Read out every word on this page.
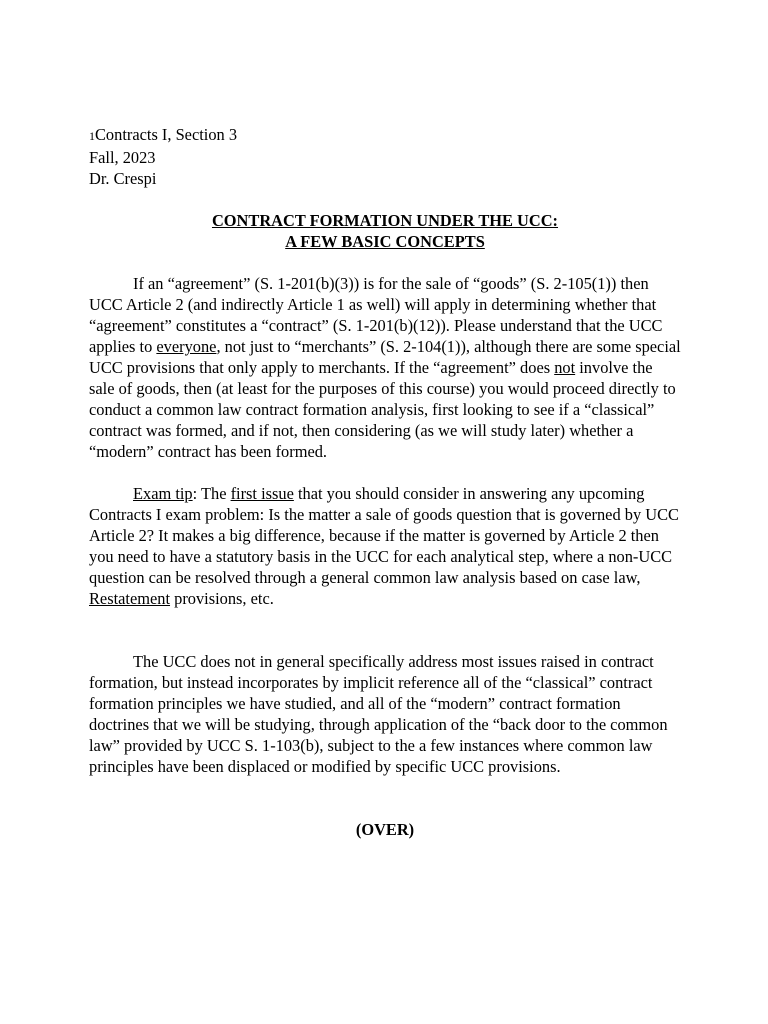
1Contracts I, Section 3
Fall, 2023
Dr. Crespi
CONTRACT FORMATION UNDER THE UCC:
A FEW BASIC CONCEPTS

If an “agreement” (S. 1-201(b)(3)) is for the sale of “goods” (S. 2-105(1)) then UCC Article 2 (and indirectly Article 1 as well) will apply in determining whether that “agreement” constitutes a “contract” (S. 1-201(b)(12)). Please understand that the UCC applies to everyone, not just to “merchants” (S. 2-104(1)), although there are some special UCC provisions that only apply to merchants. If the “agreement” does not involve the sale of goods, then (at least for the purposes of this course) you would proceed directly to conduct a common law contract formation analysis, first looking to see if a “classical” contract was formed, and if not, then considering (as we will study later) whether a “modern” contract has been formed.

Exam tip: The first issue that you should consider in answering any upcoming Contracts I exam problem: Is the matter a sale of goods question that is governed by UCC Article 2? It makes a big difference, because if the matter is governed by Article 2 then you need to have a statutory basis in the UCC for each analytical step, where a non-UCC question can be resolved through a general common law analysis based on case law, Restatement provisions, etc.

The UCC does not in general specifically address most issues raised in contract formation, but instead incorporates by implicit reference all of the “classical” contract formation principles we have studied, and all of the “modern” contract formation doctrines that we will be studying, through application of the “back door to the common law” provided by UCC S. 1-103(b), subject to the a few instances where common law principles have been displaced or modified by specific UCC provisions.

(OVER)
